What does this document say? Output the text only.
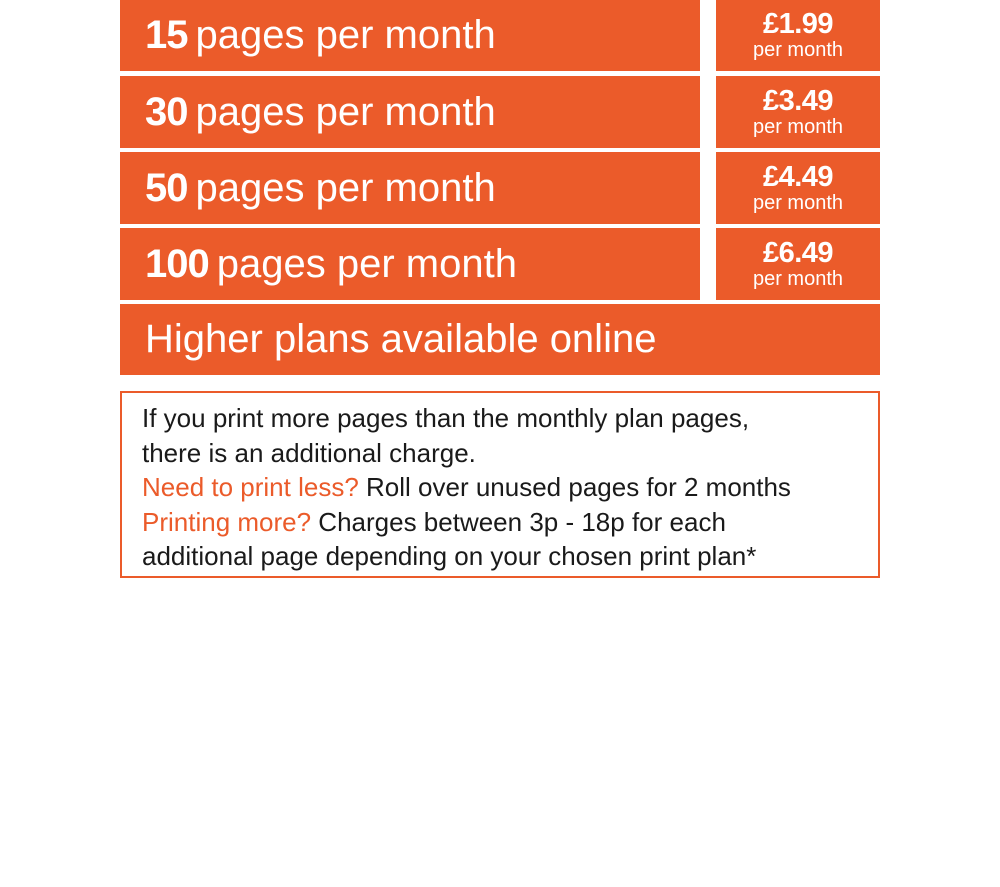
15 pages per month	£1.99
per month
30 pages per month	£3.49
per month
50 pages per month	£4.49
per month
100 pages per month	£6.49
per month
Higher plans available online
If you print more pages than the monthly plan pages,
there is an additional charge.
Need to print less? Roll over unused pages for 2 months
Printing more? Charges between 3p - 18p for each
additional page depending on your chosen print plan*
